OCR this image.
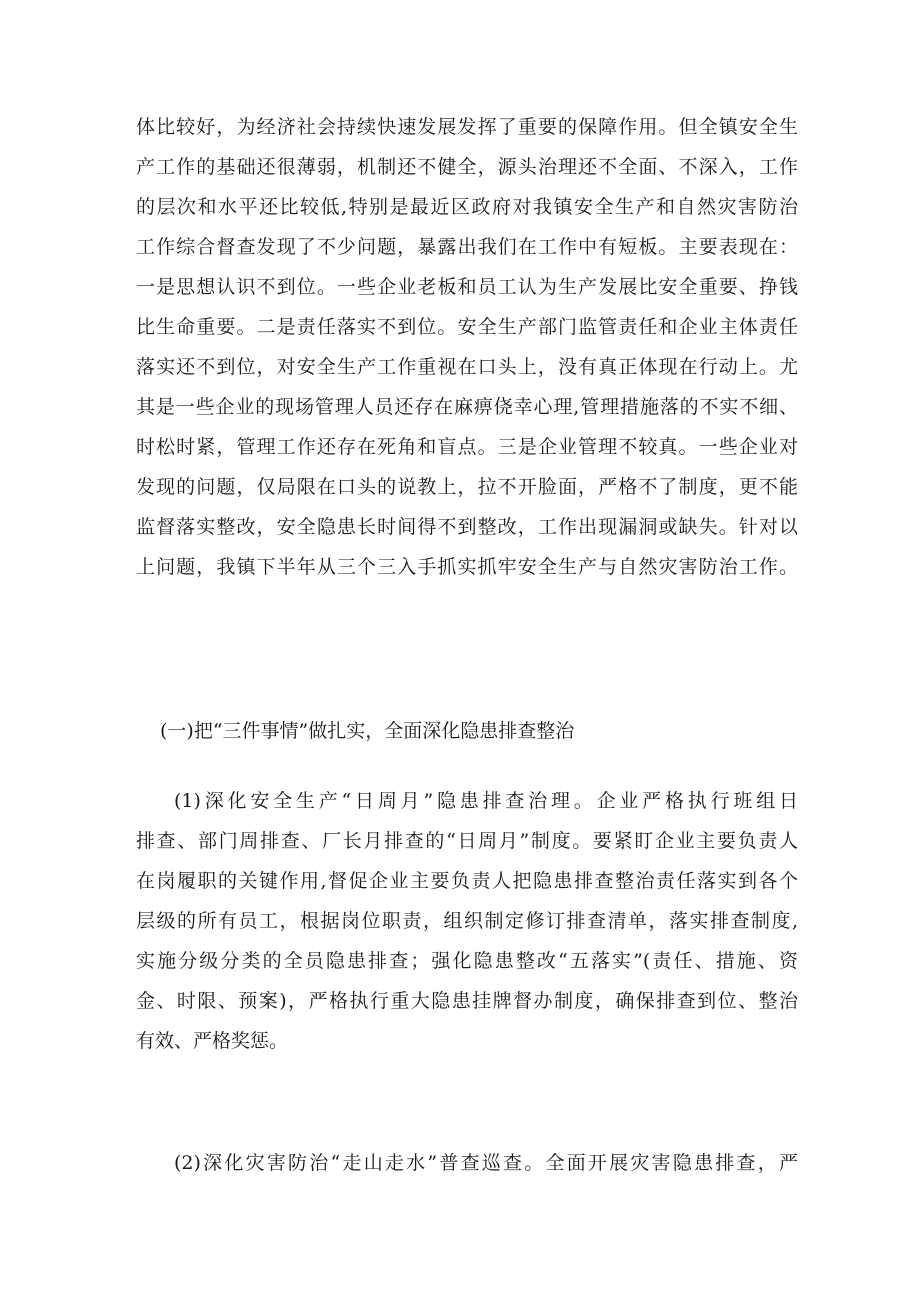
体比较好，为经济社会持续快速发展发挥了重要的保障作用。但全镇安全生
产工作的基础还很薄弱，机制还不健全，源头治理还不全面、不深入，工作
的层次和水平还比较低,特别是最近区政府对我镇安全生产和自然灾害防治
工作综合督查发现了不少问题，暴露出我们在工作中有短板。主要表现在：
一是思想认识不到位。一些企业老板和员工认为生产发展比安全重要、挣钱
比生命重要。二是责任落实不到位。安全生产部门监管责任和企业主体责任
落实还不到位，对安全生产工作重视在口头上，没有真正体现在行动上。尤
其是一些企业的现场管理人员还存在麻痹侥幸心理,管理措施落的不实不细、
时松时紧，管理工作还存在死角和盲点。三是企业管理不较真。一些企业对
发现的问题，仅局限在口头的说教上，拉不开脸面，严格不了制度，更不能
监督落实整改，安全隐患长时间得不到整改，工作出现漏洞或缺失。针对以
上问题，我镇下半年从三个三入手抓实抓牢安全生产与自然灾害防治工作。
(一)把“三件事情”做扎实，全面深化隐患排查整治
(1)深化安全生产“日周月”隐患排查治理。企业严格执行班组日
排查、部门周排查、厂长月排查的“日周月”制度。要紧盯企业主要负责人
在岗履职的关键作用,督促企业主要负责人把隐患排查整治责任落实到各个
层级的所有员工，根据岗位职责，组织制定修订排查清单，落实排查制度,
实施分级分类的全员隐患排查；强化隐患整改“五落实”(责任、措施、资
金、时限、预案)，严格执行重大隐患挂牌督办制度，确保排查到位、整治
有效、严格奖惩。
(2)深化灾害防治“走山走水”普查巡查。全面开展灾害隐患排查，严
